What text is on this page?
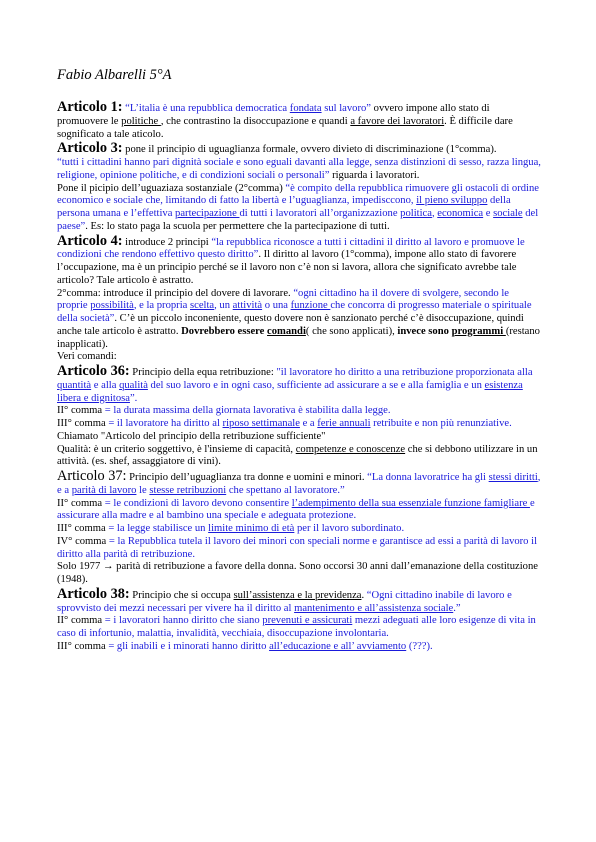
Fabio Albarelli 5°A

Articolo 1: “L’italia è una repubblica democratica fondata sul lavoro” ovvero impone allo stato di promuovere le politiche , che contrastino la disoccupazione e quandi a favore dei lavoratori. È difficile dare sognificato a tale aticolo.

Articolo 3: pone il principio di uguaglianza formale, ovvero divieto di discriminazione (1°comma).

“tutti i cittadini hanno pari dignità sociale e sono eguali davanti alla legge, senza distinzioni di sesso, razza lingua, religione, opinione politiche, e di condizioni sociali o personali” riguarda i lavoratori.

Pone il picipio dell’uguaziaza sostanziale (2°comma) “è compito della repubblica rimuovere gli ostacoli di ordine economico e sociale che, limitando di fatto la libertà e l’uguaglianza, impedisccono, il pieno sviluppo della persona umana e l’effettiva partecipazione di tutti i lavoratori all’organizzazione politica, economica e sociale del paese”. Es: lo stato paga la scuola per permettere che la partecipazione di tutti.

Articolo 4: introduce 2 principi “la repubblica riconosce a tutti i cittadini il diritto al lavoro e promuove le condizioni che rendono effettivo questo diritto”. Il diritto al lavoro (1°comma), impone allo stato di favorere l’occupazione, ma è un principio perché se il lavoro non c’è non si lavora, allora che significato avrebbe tale articolo? Tale articolo è astratto.

2°comma: introduce il principio del dovere di lavorare. “ogni cittadino ha il dovere di svolgere, secondo le proprie possibilità, e la propria scelta, un attività o una funzione che concorra di progresso materiale o spirituale della società”. C’è un piccolo inconeniente, questo dovere non è sanzionato perché c’è disoccupazione, quindi anche tale articolo è astratto. Dovrebbero essere comandi( che sono applicati), invece sono programmi (restano inapplicati).

Veri comandi:

Articolo 36: Principio della equa retribuzione: "il lavoratore ho diritto a una retribuzione proporzionata alla quantità e alla qualità del suo lavoro e in ogni caso, sufficiente ad assicurare a se e alla famiglia e un esistenza libera e dignitosa”.

II° comma = la durata massima della giornata lavorativa è stabilita dalla legge.

III° comma = il lavoratore ha diritto al riposo settimanale e a ferie annuali retribuite e non più renunziative.

Chiamato "Articolo del principio della retribuzione sufficiente"

Qualità: è un criterio soggettivo, è l'insieme di capacità, competenze e conoscenze che si debbono utilizzare in un attività. (es. shef, assaggiatore di vini).

Articolo 37: Principio dell’uguaglianza tra donne e uomini e minori. “La donna lavoratrice ha gli stessi diritti, e a parità di lavoro le stesse retribuzioni che spettano al lavoratore.”

II° comma = le condizioni di lavoro devono consentire l’adempimento della sua essenziale funzione famigliare e assicurare alla madre e al bambino una speciale e adeguata protezione.

III° comma = la legge stabilisce un limite minimo di età per il lavoro subordinato.

IV° comma = la Repubblica tutela il lavoro dei minori con speciali norme e garantisce ad essi a parità di lavoro il diritto alla parità di retribuzione.

Solo 1977 → parità di retribuzione a favore della donna. Sono occorsi 30 anni dall’emanazione della costituzione (1948).

Articolo 38: Principio che si occupa sull’assistenza e la previdenza. “Ogni cittadino inabile di lavoro e sprovvisto dei mezzi necessari per vivere ha il diritto al mantenimento e all’assistenza sociale.”

II° comma = i lavoratori hanno diritto che siano prevenuti e assicurati mezzi adeguati alle loro esigenze di vita in caso di infortunio, malattia, invalidità, vecchiaia, disoccupazione involontaria.

III° comma = gli inabili e i minorati hanno diritto all’educazione e all’ avviamento (???).
